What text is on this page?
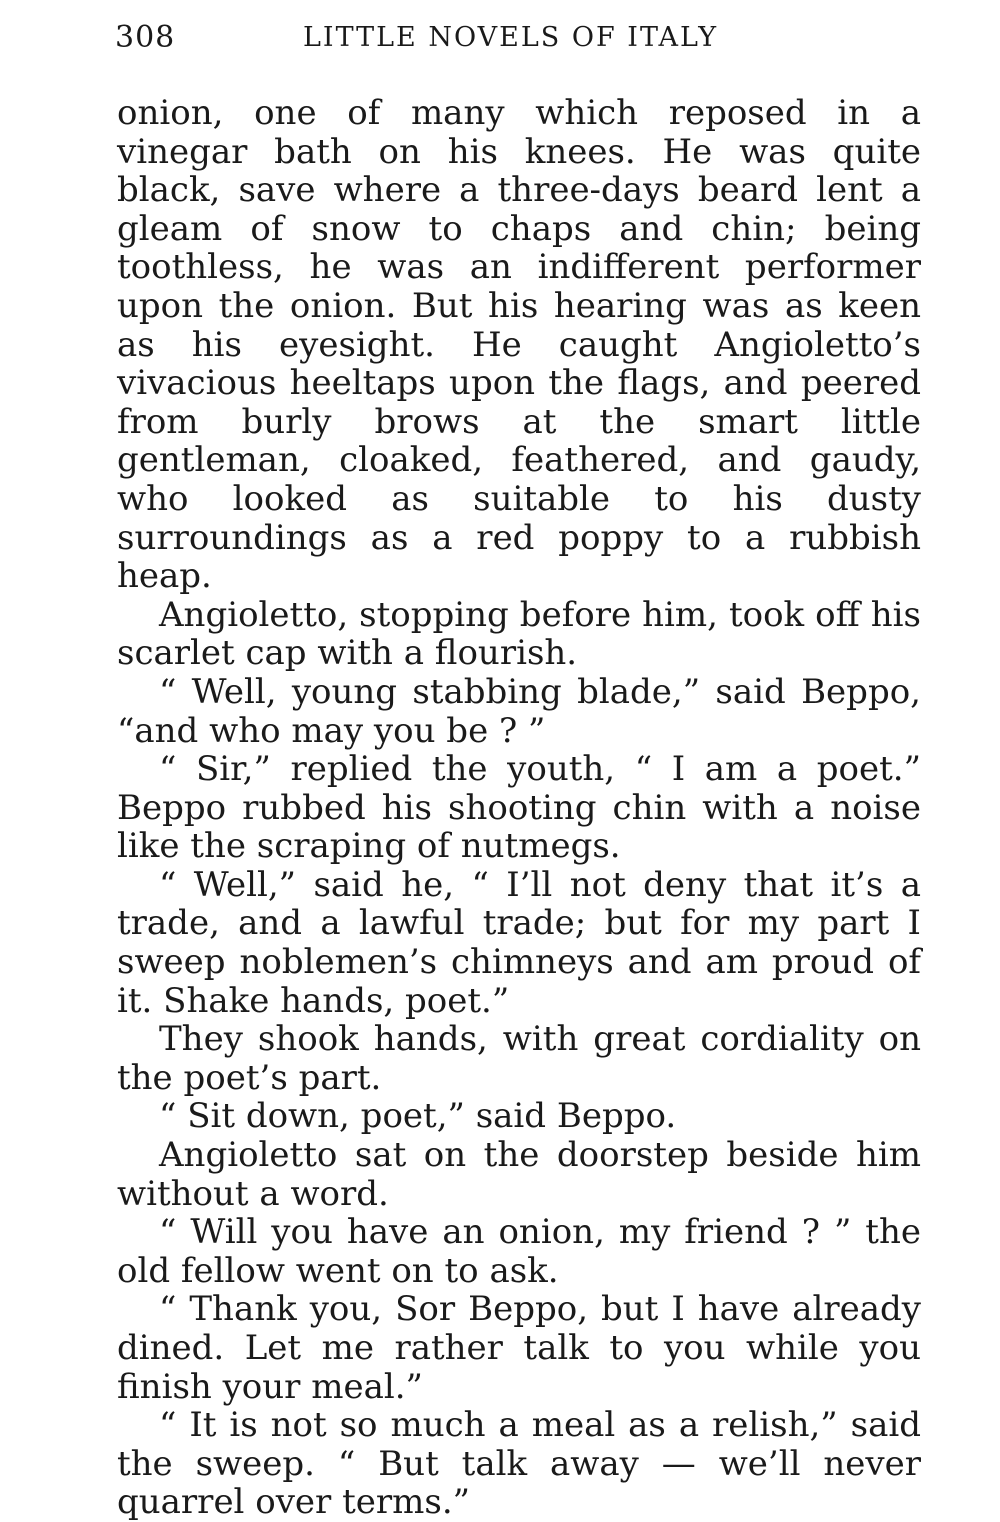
308	LITTLE NOVELS OF ITALY

onion, one of many which reposed in a vinegar bath on his knees. He was quite black, save where a three-days beard lent a gleam of snow to chaps and chin; being toothless, he was an indifferent performer upon the onion. But his hearing was as keen as his eyesight. He caught Angioletto’s vivacious heeltaps upon the flags, and peered from burly brows at the smart little gentleman, cloaked, feathered, and gaudy, who looked as suitable to his dusty surroundings as a red poppy to a rubbish heap.

Angioletto, stopping before him, took off his scarlet cap with a flourish.

“ Well, young stabbing blade,” said Beppo, “and who may you be ? ”

“ Sir,” replied the youth, “ I am a poet.” Beppo rubbed his shooting chin with a noise like the scraping of nutmegs.

“ Well,” said he, “ I’ll not deny that it’s a trade, and a lawful trade; but for my part I sweep noblemen’s chimneys and am proud of it. Shake hands, poet.”

They shook hands, with great cordiality on the poet’s part.

“ Sit down, poet,” said Beppo.

Angioletto sat on the doorstep beside him without a word.

“ Will you have an onion, my friend ? ” the old fellow went on to ask.

“ Thank you, Sor Beppo, but I have already dined. Let me rather talk to you while you finish your meal.”

“ It is not so much a meal as a relish,” said the sweep. “ But talk away — we’ll never quarrel over terms.”
